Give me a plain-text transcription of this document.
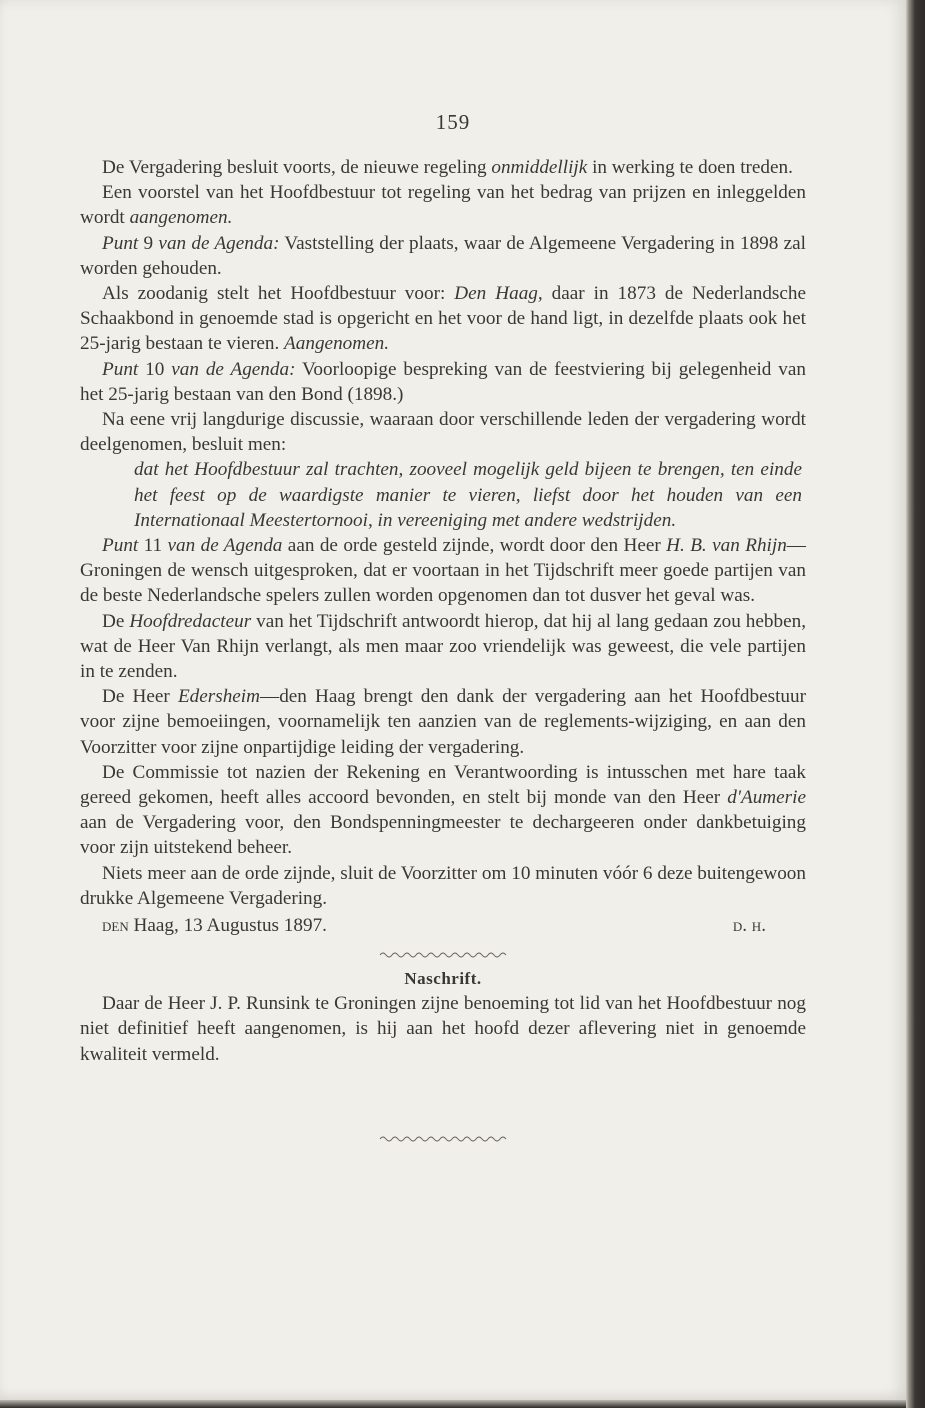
159

De Vergadering besluit voorts, de nieuwe regeling onmiddellijk in werking te doen treden.

Een voorstel van het Hoofdbestuur tot regeling van het bedrag van prijzen en inleggelden wordt aangenomen.

Punt 9 van de Agenda: Vaststelling der plaats, waar de Algemeene Vergadering in 1898 zal worden gehouden.

Als zoodanig stelt het Hoofdbestuur voor: Den Haag, daar in 1873 de Nederlandsche Schaakbond in genoemde stad is opgericht en het voor de hand ligt, in dezelfde plaats ook het 25-jarig bestaan te vieren. Aangenomen.

Punt 10 van de Agenda: Voorloopige bespreking van de feestviering bij gelegenheid van het 25-jarig bestaan van den Bond (1898.)

Na eene vrij langdurige discussie, waaraan door verschillende leden der vergadering wordt deelgenomen, besluit men:

dat het Hoofdbestuur zal trachten, zooveel mogelijk geld bijeen te brengen, ten einde het feest op de waardigste manier te vieren, liefst door het houden van een Internationaal Meestertornooi, in vereeniging met andere wedstrijden.

Punt 11 van de Agenda aan de orde gesteld zijnde, wordt door den Heer H. B. van Rhijn—Groningen de wensch uitgesproken, dat er voortaan in het Tijdschrift meer goede partijen van de beste Nederlandsche spelers zullen worden opgenomen dan tot dusver het geval was.

De Hoofdredacteur van het Tijdschrift antwoordt hierop, dat hij al lang gedaan zou hebben, wat de Heer Van Rhijn verlangt, als men maar zoo vriendelijk was geweest, die vele partijen in te zenden.

De Heer Edersheim—den Haag brengt den dank der vergadering aan het Hoofdbestuur voor zijne bemoeiingen, voornamelijk ten aanzien van de reglements-wijziging, en aan den Voorzitter voor zijne onpartijdige leiding der vergadering.

De Commissie tot nazien der Rekening en Verantwoording is intusschen met hare taak gereed gekomen, heeft alles accoord bevonden, en stelt bij monde van den Heer d'Aumerie aan de Vergadering voor, den Bondspenningmeester te dechargeeren onder dankbetuiging voor zijn uitstekend beheer.

Niets meer aan de orde zijnde, sluit de Voorzitter om 10 minuten vóór 6 deze buitengewoon drukke Algemeene Vergadering.

den Haag, 13 Augustus 1897.	d. h.
Naschrift.

Daar de Heer J. P. Runsink te Groningen zijne benoeming tot lid van het Hoofdbestuur nog niet definitief heeft aangenomen, is hij aan het hoofd dezer aflevering niet in genoemde kwaliteit vermeld.
